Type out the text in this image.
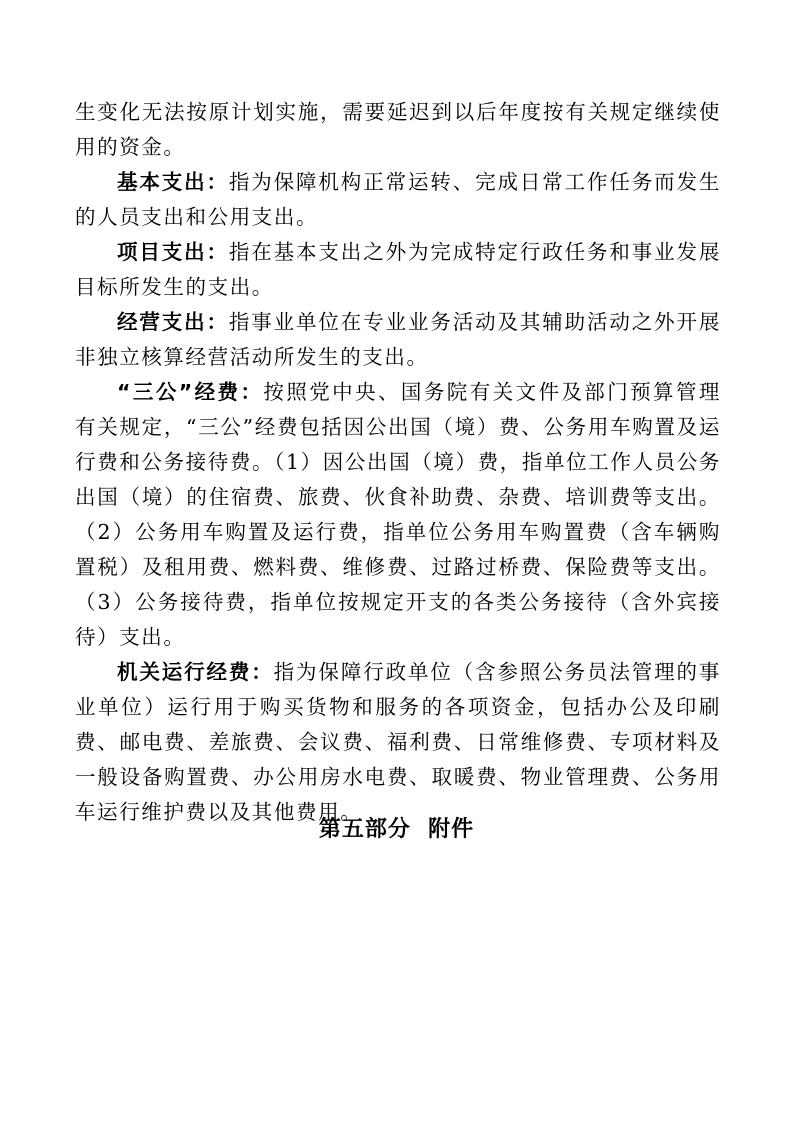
生变化无法按原计划实施，需要延迟到以后年度按有关规定继续使用的资金。

基本支出：指为保障机构正常运转、完成日常工作任务而发生的人员支出和公用支出。

项目支出：指在基本支出之外为完成特定行政任务和事业发展目标所发生的支出。

经营支出：指事业单位在专业业务活动及其辅助活动之外开展非独立核算经营活动所发生的支出。

“三公”经费：按照党中央、国务院有关文件及部门预算管理有关规定，“三公”经费包括因公出国（境）费、公务用车购置及运行费和公务接待费。（1）因公出国（境）费，指单位工作人员公务出国（境）的住宿费、旅费、伙食补助费、杂费、培训费等支出。（2）公务用车购置及运行费，指单位公务用车购置费（含车辆购置税）及租用费、燃料费、维修费、过路过桥费、保险费等支出。（3）公务接待费，指单位按规定开支的各类公务接待（含外宾接待）支出。

机关运行经费：指为保障行政单位（含参照公务员法管理的事业单位）运行用于购买货物和服务的各项资金，包括办公及印刷费、邮电费、差旅费、会议费、福利费、日常维修费、专项材料及一般设备购置费、办公用房水电费、取暖费、物业管理费、公务用车运行维护费以及其他费用。

第五部分  附件
